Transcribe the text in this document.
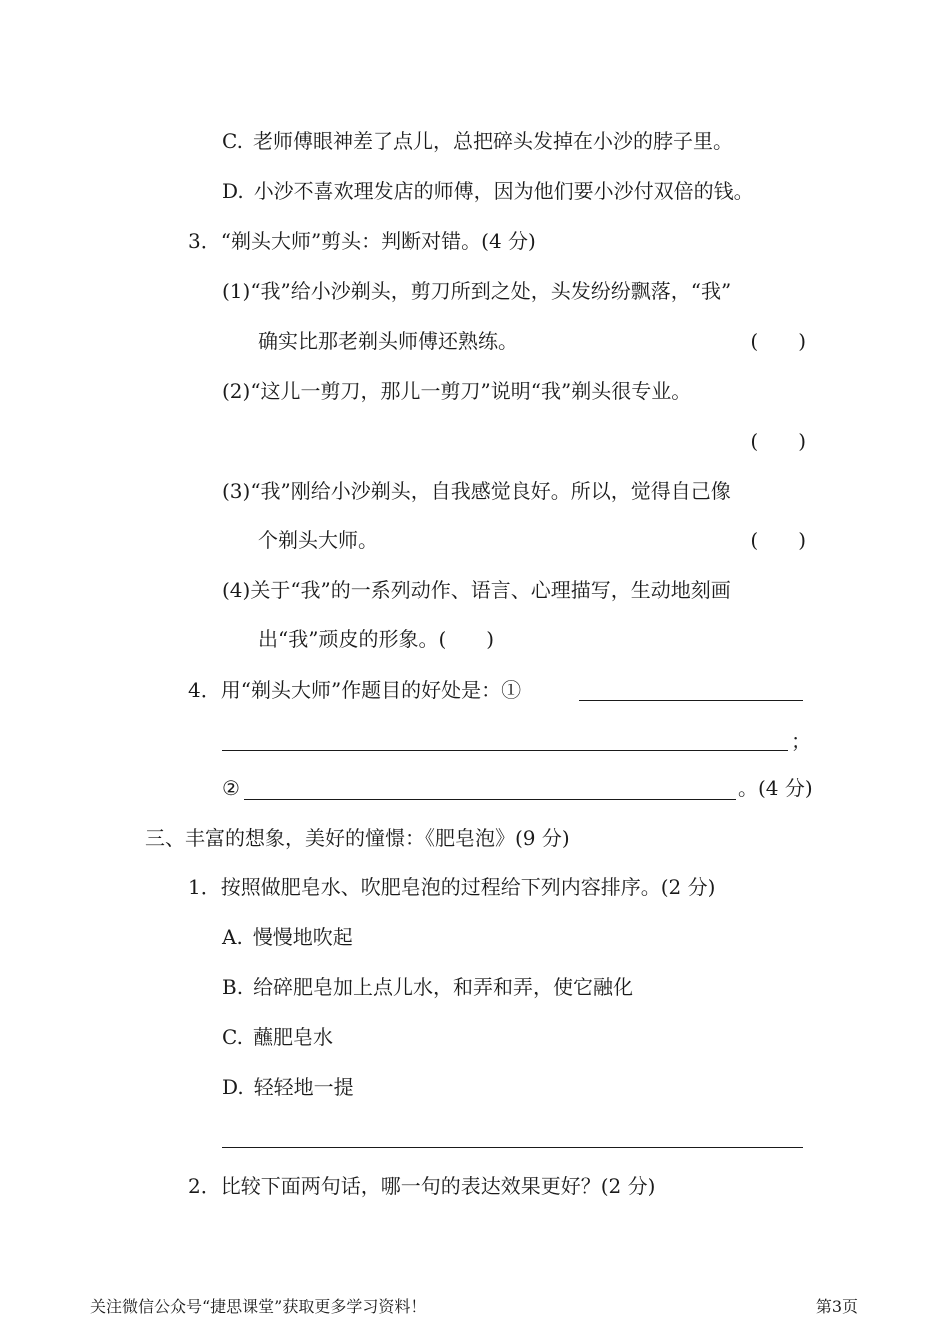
C. 老师傅眼神差了点儿，总把碎头发掉在小沙的脖子里。
D. 小沙不喜欢理发店的师傅，因为他们要小沙付双倍的钱。
3．“剃头大师”剪头：判断对错。(4 分)
(1)“我”给小沙剃头，剪刀所到之处，头发纷纷飘落，“我”
确实比那老剃头师傅还熟练。	(　　)
(2)“这儿一剪刀，那儿一剪刀”说明“我”剃头很专业。
(　　)
(3)“我”刚给小沙剃头，自我感觉良好。所以，觉得自己像
个剃头大师。	(　　)
(4)关于“我”的一系列动作、语言、心理描写，生动地刻画
出“我”顽皮的形象。(　　)
4．用“剃头大师”作题目的好处是：①
；
②	。(4 分)
三、丰富的想象，美好的憧憬：《肥皂泡》(9 分)
1．按照做肥皂水、吹肥皂泡的过程给下列内容排序。(2 分)
A. 慢慢地吹起
B. 给碎肥皂加上点儿水，和弄和弄，使它融化
C. 蘸肥皂水
D. 轻轻地一提
2．比较下面两句话，哪一句的表达效果更好？(2 分)
关注微信公众号“捷思课堂”获取更多学习资料！	第3页
